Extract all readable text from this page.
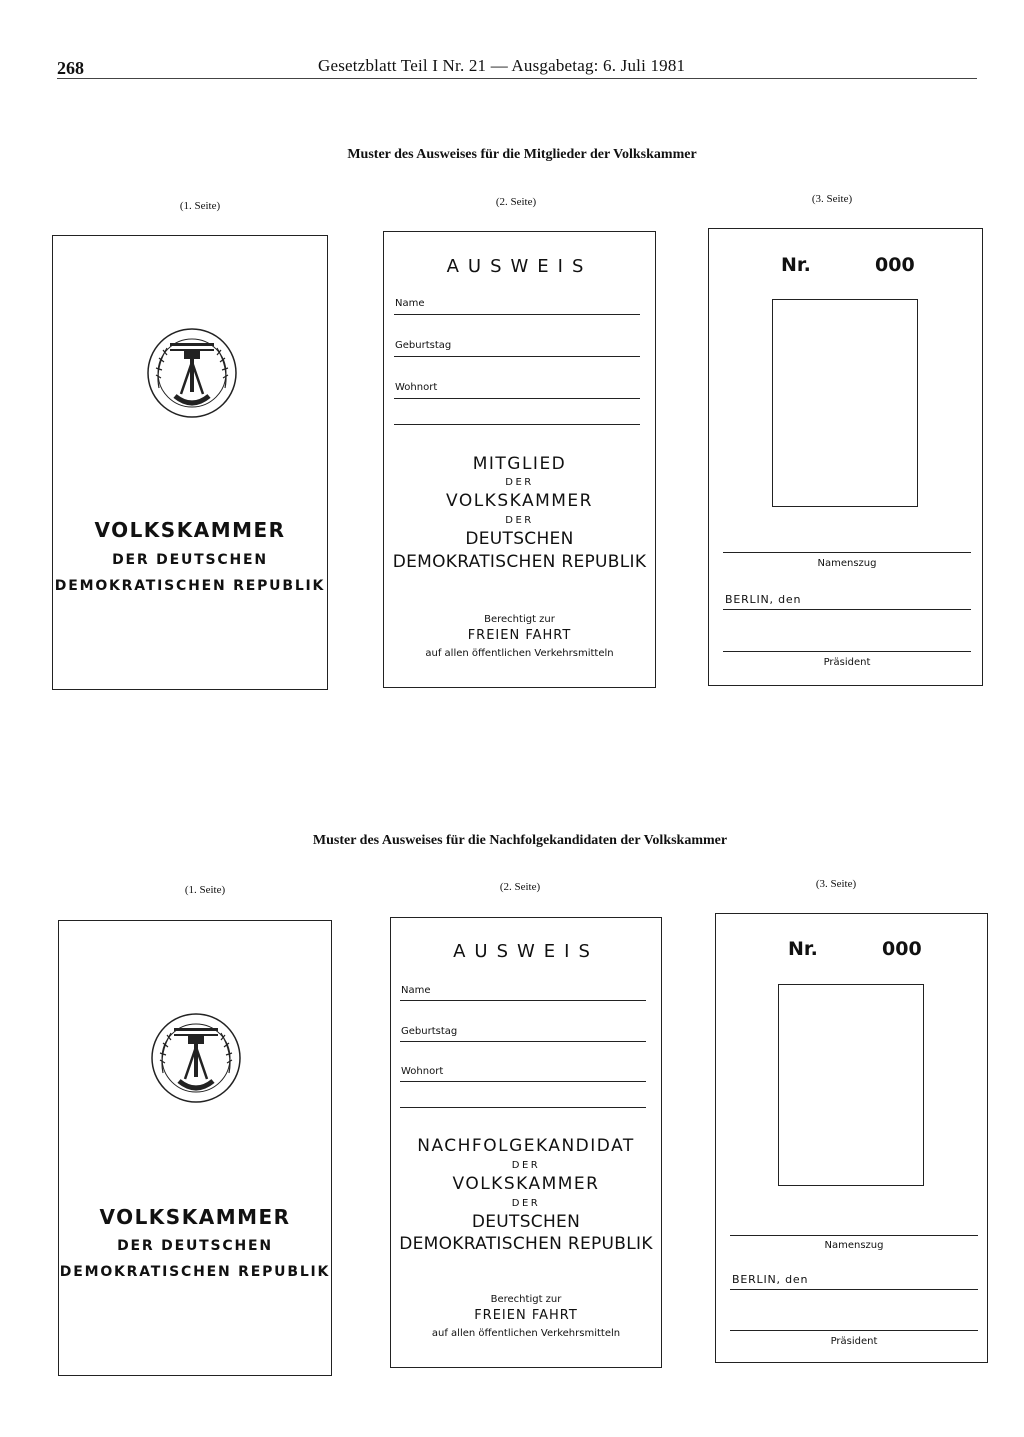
268	Gesetzblatt Teil I Nr. 21 — Ausgabetag: 6. Juli 1981
Muster des Ausweises für die Mitglieder der Volkskammer
(1. Seite)	(2. Seite)	(3. Seite)
VOLKSKAMMER
DER DEUTSCHEN
DEMOKRATISCHEN REPUBLIK
AUSWEIS
Name
Geburtstag
Wohnort
MITGLIED
DER
VOLKSKAMMER
DER
DEUTSCHEN
DEMOKRATISCHEN REPUBLIK
Berechtigt zur
FREIEN FAHRT
auf allen öffentlichen Verkehrsmitteln
Nr.	000
Namenszug
BERLIN, den
Präsident
Muster des Ausweises für die Nachfolgekandidaten der Volkskammer
(1. Seite)	(2. Seite)	(3. Seite)
VOLKSKAMMER
DER DEUTSCHEN
DEMOKRATISCHEN REPUBLIK
AUSWEIS
Name
Geburtstag
Wohnort
NACHFOLGEKANDIDAT
DER
VOLKSKAMMER
DER
DEUTSCHEN
DEMOKRATISCHEN REPUBLIK
Berechtigt zur
FREIEN FAHRT
auf allen öffentlichen Verkehrsmitteln
Nr.	000
Namenszug
BERLIN, den
Präsident
